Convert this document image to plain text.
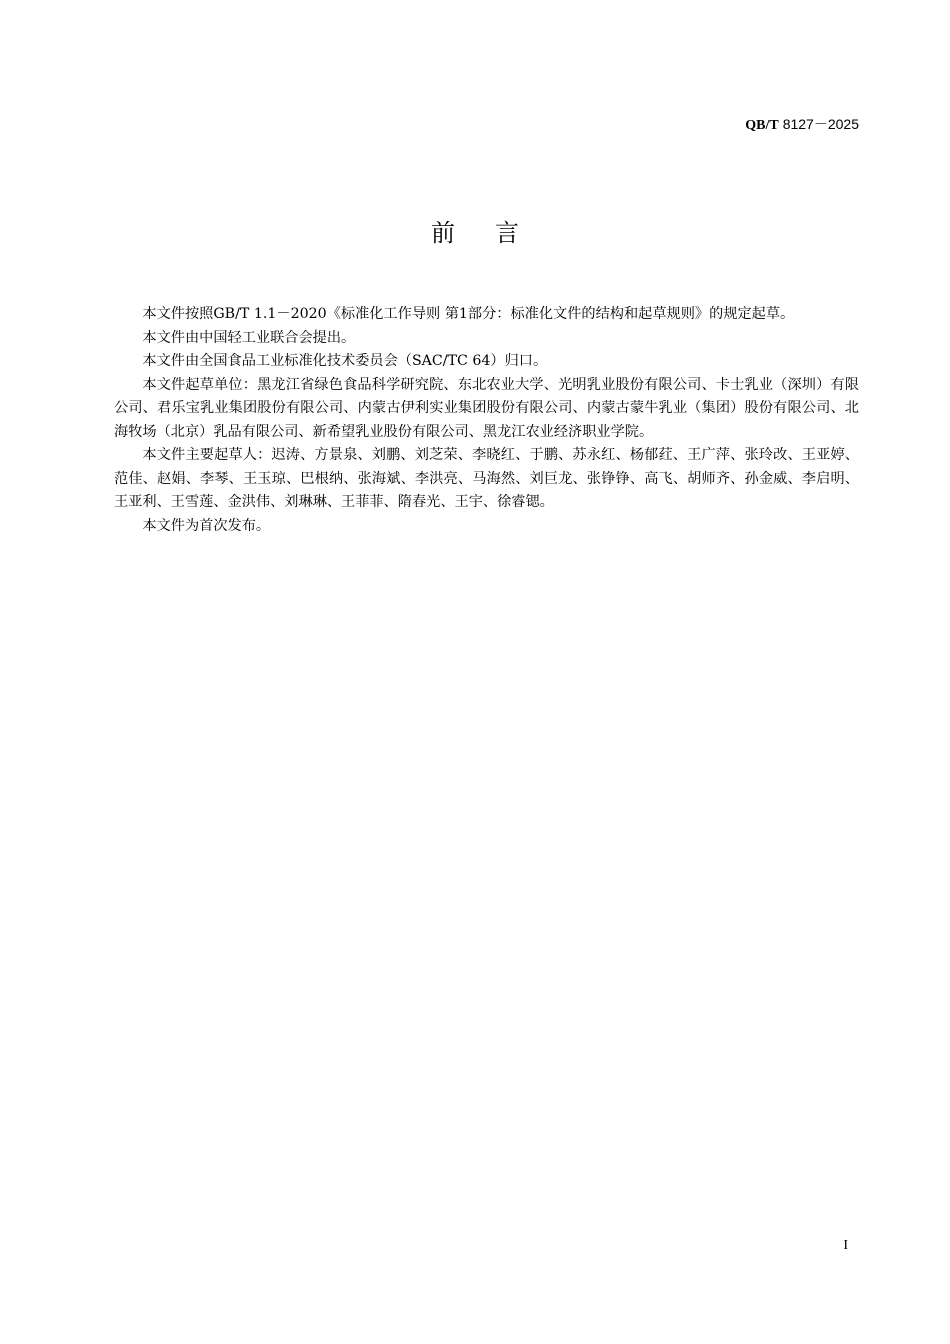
QB/T 8127－2025
前言

本文件按照GB/T 1.1－2020《标准化工作导则 第1部分：标准化文件的结构和起草规则》的规定起草。

本文件由中国轻工业联合会提出。

本文件由全国食品工业标准化技术委员会（SAC/TC 64）归口。

本文件起草单位：黑龙江省绿色食品科学研究院、东北农业大学、光明乳业股份有限公司、卡士乳业（深圳）有限公司、君乐宝乳业集团股份有限公司、内蒙古伊利实业集团股份有限公司、内蒙古蒙牛乳业（集团）股份有限公司、北海牧场（北京）乳品有限公司、新希望乳业股份有限公司、黑龙江农业经济职业学院。

本文件主要起草人：迟涛、方景泉、刘鹏、刘芝荣、李晓红、于鹏、苏永红、杨郁荭、王广萍、张玲改、王亚婷、范佳、赵娟、李琴、王玉琼、巴根纳、张海斌、李洪亮、马海然、刘巨龙、张铮铮、高飞、胡师齐、孙金威、李启明、王亚利、王雪莲、金洪伟、刘琳琳、王菲菲、隋春光、王宇、徐睿锶。

本文件为首次发布。

I
